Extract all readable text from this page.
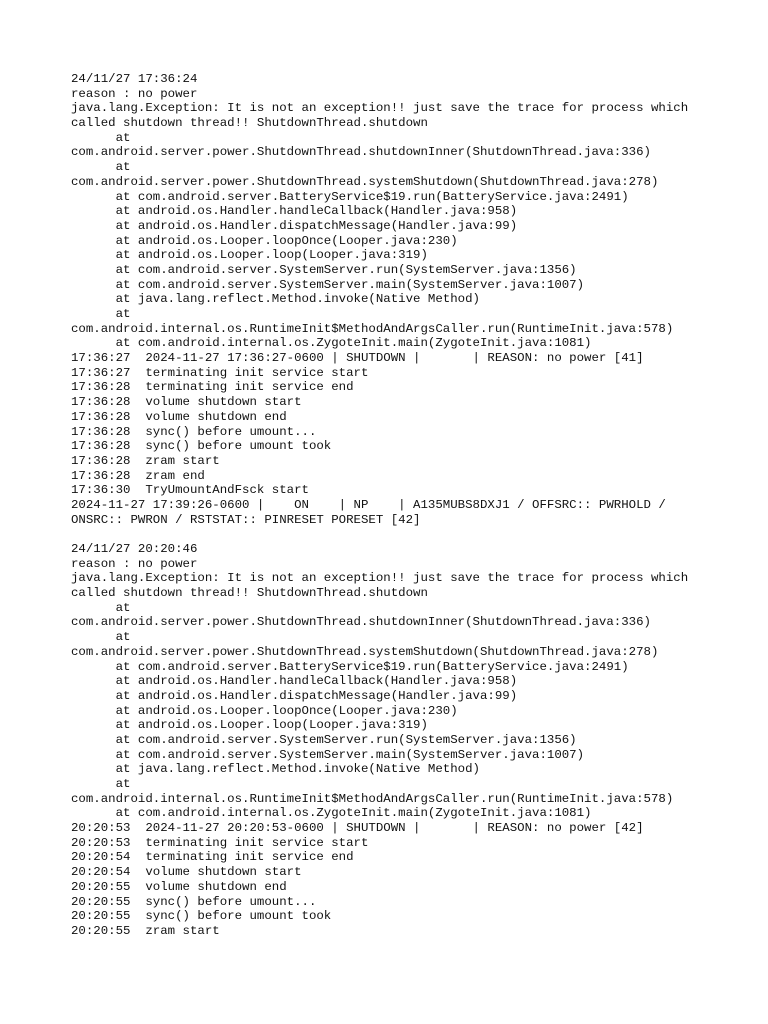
24/11/27 17:36:24
reason : no power
java.lang.Exception: It is not an exception!! just save the trace for process which
called shutdown thread!! ShutdownThread.shutdown
at
com.android.server.power.ShutdownThread.shutdownInner(ShutdownThread.java:336)
at
com.android.server.power.ShutdownThread.systemShutdown(ShutdownThread.java:278)
at com.android.server.BatteryService$19.run(BatteryService.java:2491)
at android.os.Handler.handleCallback(Handler.java:958)
at android.os.Handler.dispatchMessage(Handler.java:99)
at android.os.Looper.loopOnce(Looper.java:230)
at android.os.Looper.loop(Looper.java:319)
at com.android.server.SystemServer.run(SystemServer.java:1356)
at com.android.server.SystemServer.main(SystemServer.java:1007)
at java.lang.reflect.Method.invoke(Native Method)
at
com.android.internal.os.RuntimeInit$MethodAndArgsCaller.run(RuntimeInit.java:578)
at com.android.internal.os.ZygoteInit.main(ZygoteInit.java:1081)
17:36:27  2024-11-27 17:36:27-0600 | SHUTDOWN |       | REASON: no power [41]
17:36:27  terminating init service start
17:36:28  terminating init service end
17:36:28  volume shutdown start
17:36:28  volume shutdown end
17:36:28  sync() before umount...
17:36:28  sync() before umount took
17:36:28  zram start
17:36:28  zram end
17:36:30  TryUmountAndFsck start
2024-11-27 17:39:26-0600 |    ON    | NP    | A135MUBS8DXJ1 / OFFSRC:: PWRHOLD /
ONSRC:: PWRON / RSTSTAT:: PINRESET PORESET [42]
24/11/27 20:20:46
reason : no power
java.lang.Exception: It is not an exception!! just save the trace for process which
called shutdown thread!! ShutdownThread.shutdown
at
com.android.server.power.ShutdownThread.shutdownInner(ShutdownThread.java:336)
at
com.android.server.power.ShutdownThread.systemShutdown(ShutdownThread.java:278)
at com.android.server.BatteryService$19.run(BatteryService.java:2491)
at android.os.Handler.handleCallback(Handler.java:958)
at android.os.Handler.dispatchMessage(Handler.java:99)
at android.os.Looper.loopOnce(Looper.java:230)
at android.os.Looper.loop(Looper.java:319)
at com.android.server.SystemServer.run(SystemServer.java:1356)
at com.android.server.SystemServer.main(SystemServer.java:1007)
at java.lang.reflect.Method.invoke(Native Method)
at
com.android.internal.os.RuntimeInit$MethodAndArgsCaller.run(RuntimeInit.java:578)
at com.android.internal.os.ZygoteInit.main(ZygoteInit.java:1081)
20:20:53  2024-11-27 20:20:53-0600 | SHUTDOWN |       | REASON: no power [42]
20:20:53  terminating init service start
20:20:54  terminating init service end
20:20:54  volume shutdown start
20:20:55  volume shutdown end
20:20:55  sync() before umount...
20:20:55  sync() before umount took
20:20:55  zram start
